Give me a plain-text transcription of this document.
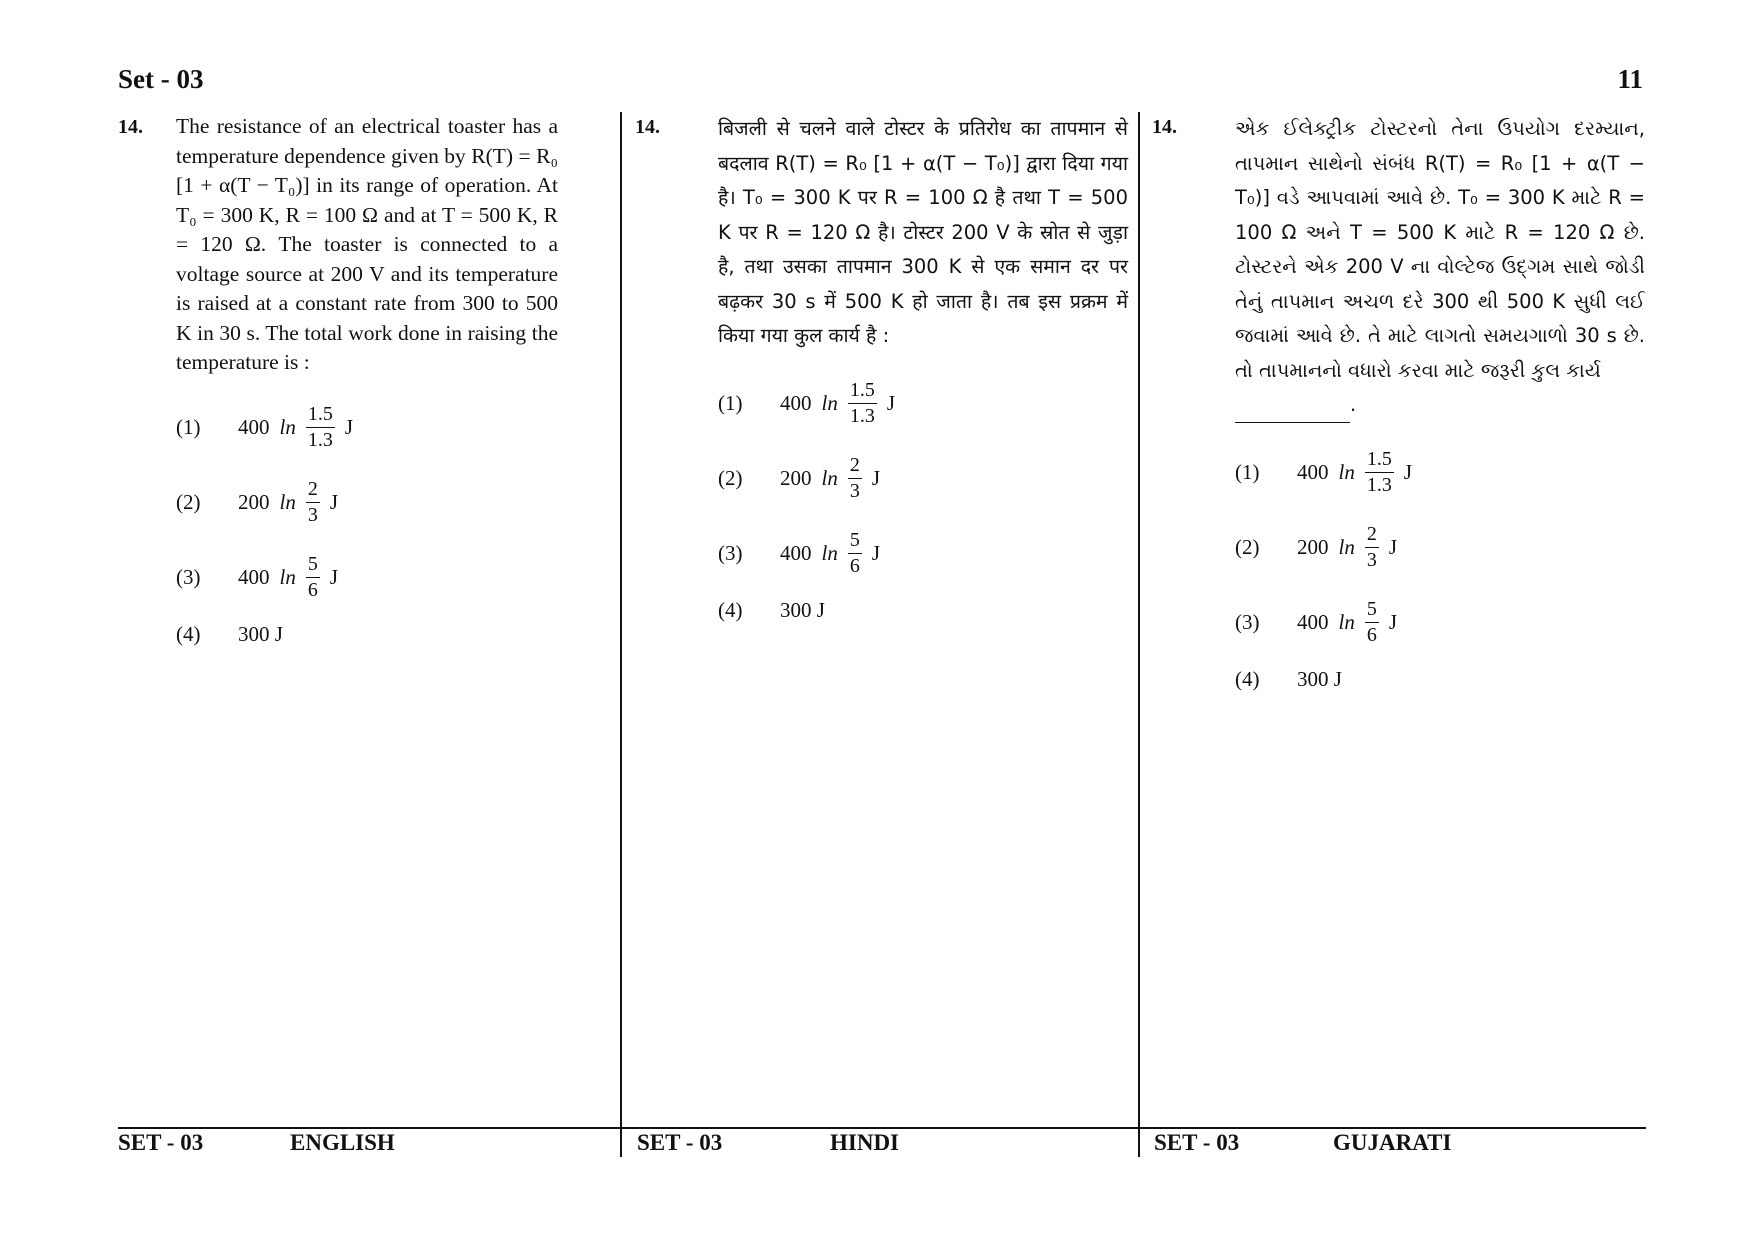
Set - 03	11
14.	The resistance of an electrical toaster has a temperature dependence given by R(T) = R₀ [1 + α(T − T₀)] in its range of operation. At T₀ = 300 K, R = 100 Ω and at T = 500 K, R = 120 Ω. The toaster is connected to a voltage source at 200 V and its temperature is raised at a constant rate from 300 to 500 K in 30 s. The total work done in raising the temperature is :
(1)	400 $\ln \frac{1.5}{1.3}$ J
(2)	200 $\ln \frac{2}{3}$ J
(3)	400 $\ln \frac{5}{6}$ J
(4)	300 J
14.	बिजली से चलने वाले टोस्टर के प्रतिरोध का तापमान से बदलाव R(T) = R₀ [1 + α(T − T₀)] द्वारा दिया गया है। T₀ = 300 K पर R = 100 Ω है तथा T = 500 K पर R = 120 Ω है। टोस्टर 200 V के स्रोत से जुड़ा है, तथा उसका तापमान 300 K से एक समान दर पर बढ़कर 30 s में 500 K हो जाता है। तब इस प्रक्रम में किया गया कुल कार्य है :
(1)	400 $\ln \frac{1.5}{1.3}$ J
(2)	200 $\ln \frac{2}{3}$ J
(3)	400 $\ln \frac{5}{6}$ J
(4)	300 J
14.	એક ઈલેક્ટ્રીક ટોસ્ટરનો તેના ઉપયોગ દરમ્યાન, તાપમાન સાથેનો સંબંધ R(T) = R₀ [1 + α(T − T₀)] વડે આપવામાં આવે છે. T₀ = 300 K માટે R = 100 Ω અને T = 500 K માટે R = 120 Ω છે. ટોસ્ટરને એક 200 V ના વોલ્ટેજ ઉદ્‌ગમ સાથે જોડી તેનું તાપમાન અચળ દરે 300 થી 500 K સુધી લઈ જવામાં આવે છે. તે માટે લાગતો સમયગાળો 30 s છે. તો તાપમાનનો વધારો કરવા માટે જરૂરી કુલ કાર્ય
.
(1)	400 $\ln \frac{1.5}{1.3}$ J
(2)	200 $\ln \frac{2}{3}$ J
(3)	400 $\ln \frac{5}{6}$ J
(4)	300 J
SET - 03	ENGLISH	SET - 03	HINDI	SET - 03	GUJARATI
